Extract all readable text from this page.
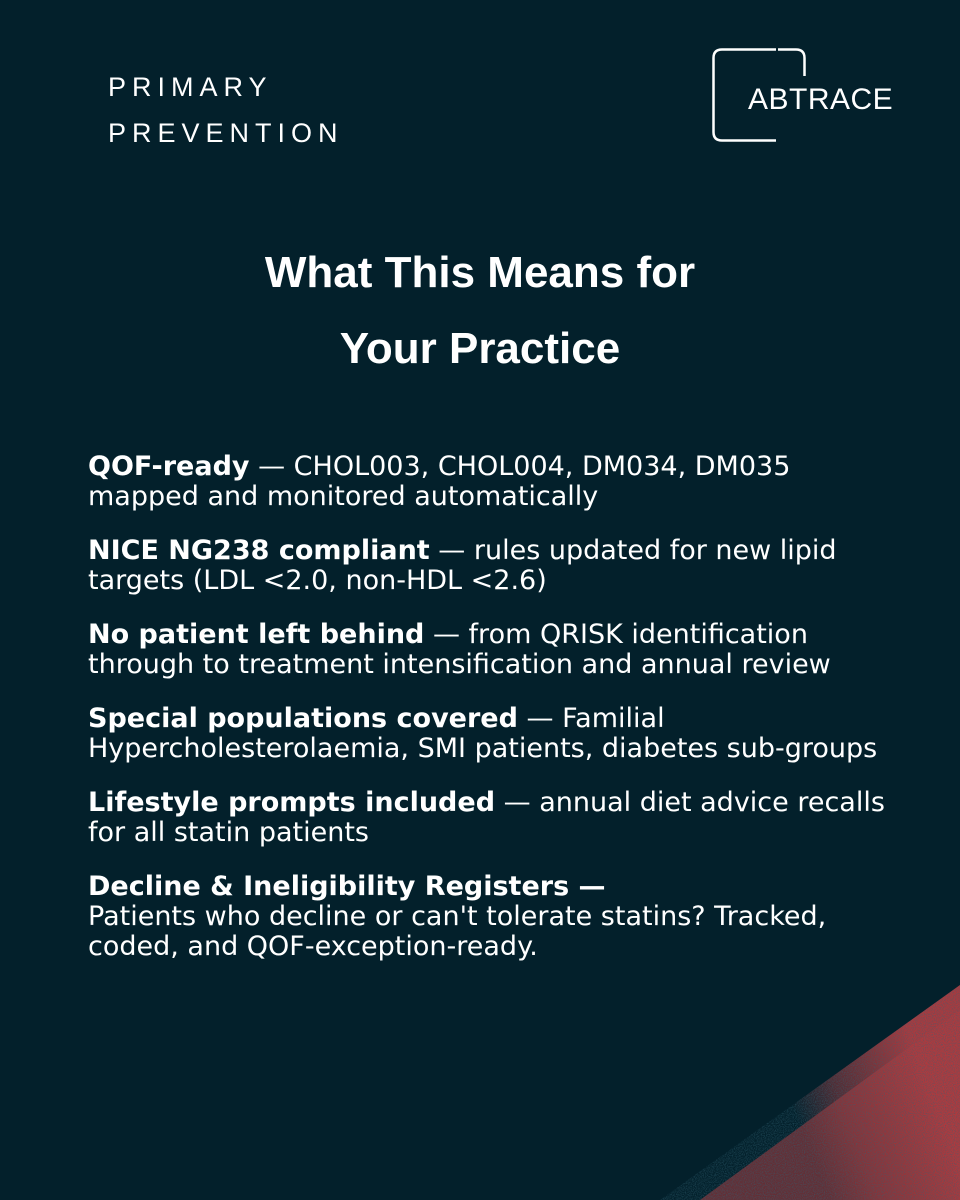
PRIMARY
PREVENTION
ABTRACE
What This Means for
Your Practice
QOF-ready — CHOL003, CHOL004, DM034, DM035 mapped and monitored automatically
NICE NG238 compliant — rules updated for new lipid targets (LDL <2.0, non-HDL <2.6)
No patient left behind — from QRISK identification through to treatment intensification and annual review
Special populations covered — Familial Hypercholesterolaemia, SMI patients, diabetes sub-groups
Lifestyle prompts included — annual diet advice recalls for all statin patients
Decline & Ineligibility Registers —
Patients who decline or can't tolerate statins? Tracked, coded, and QOF-exception-ready.
